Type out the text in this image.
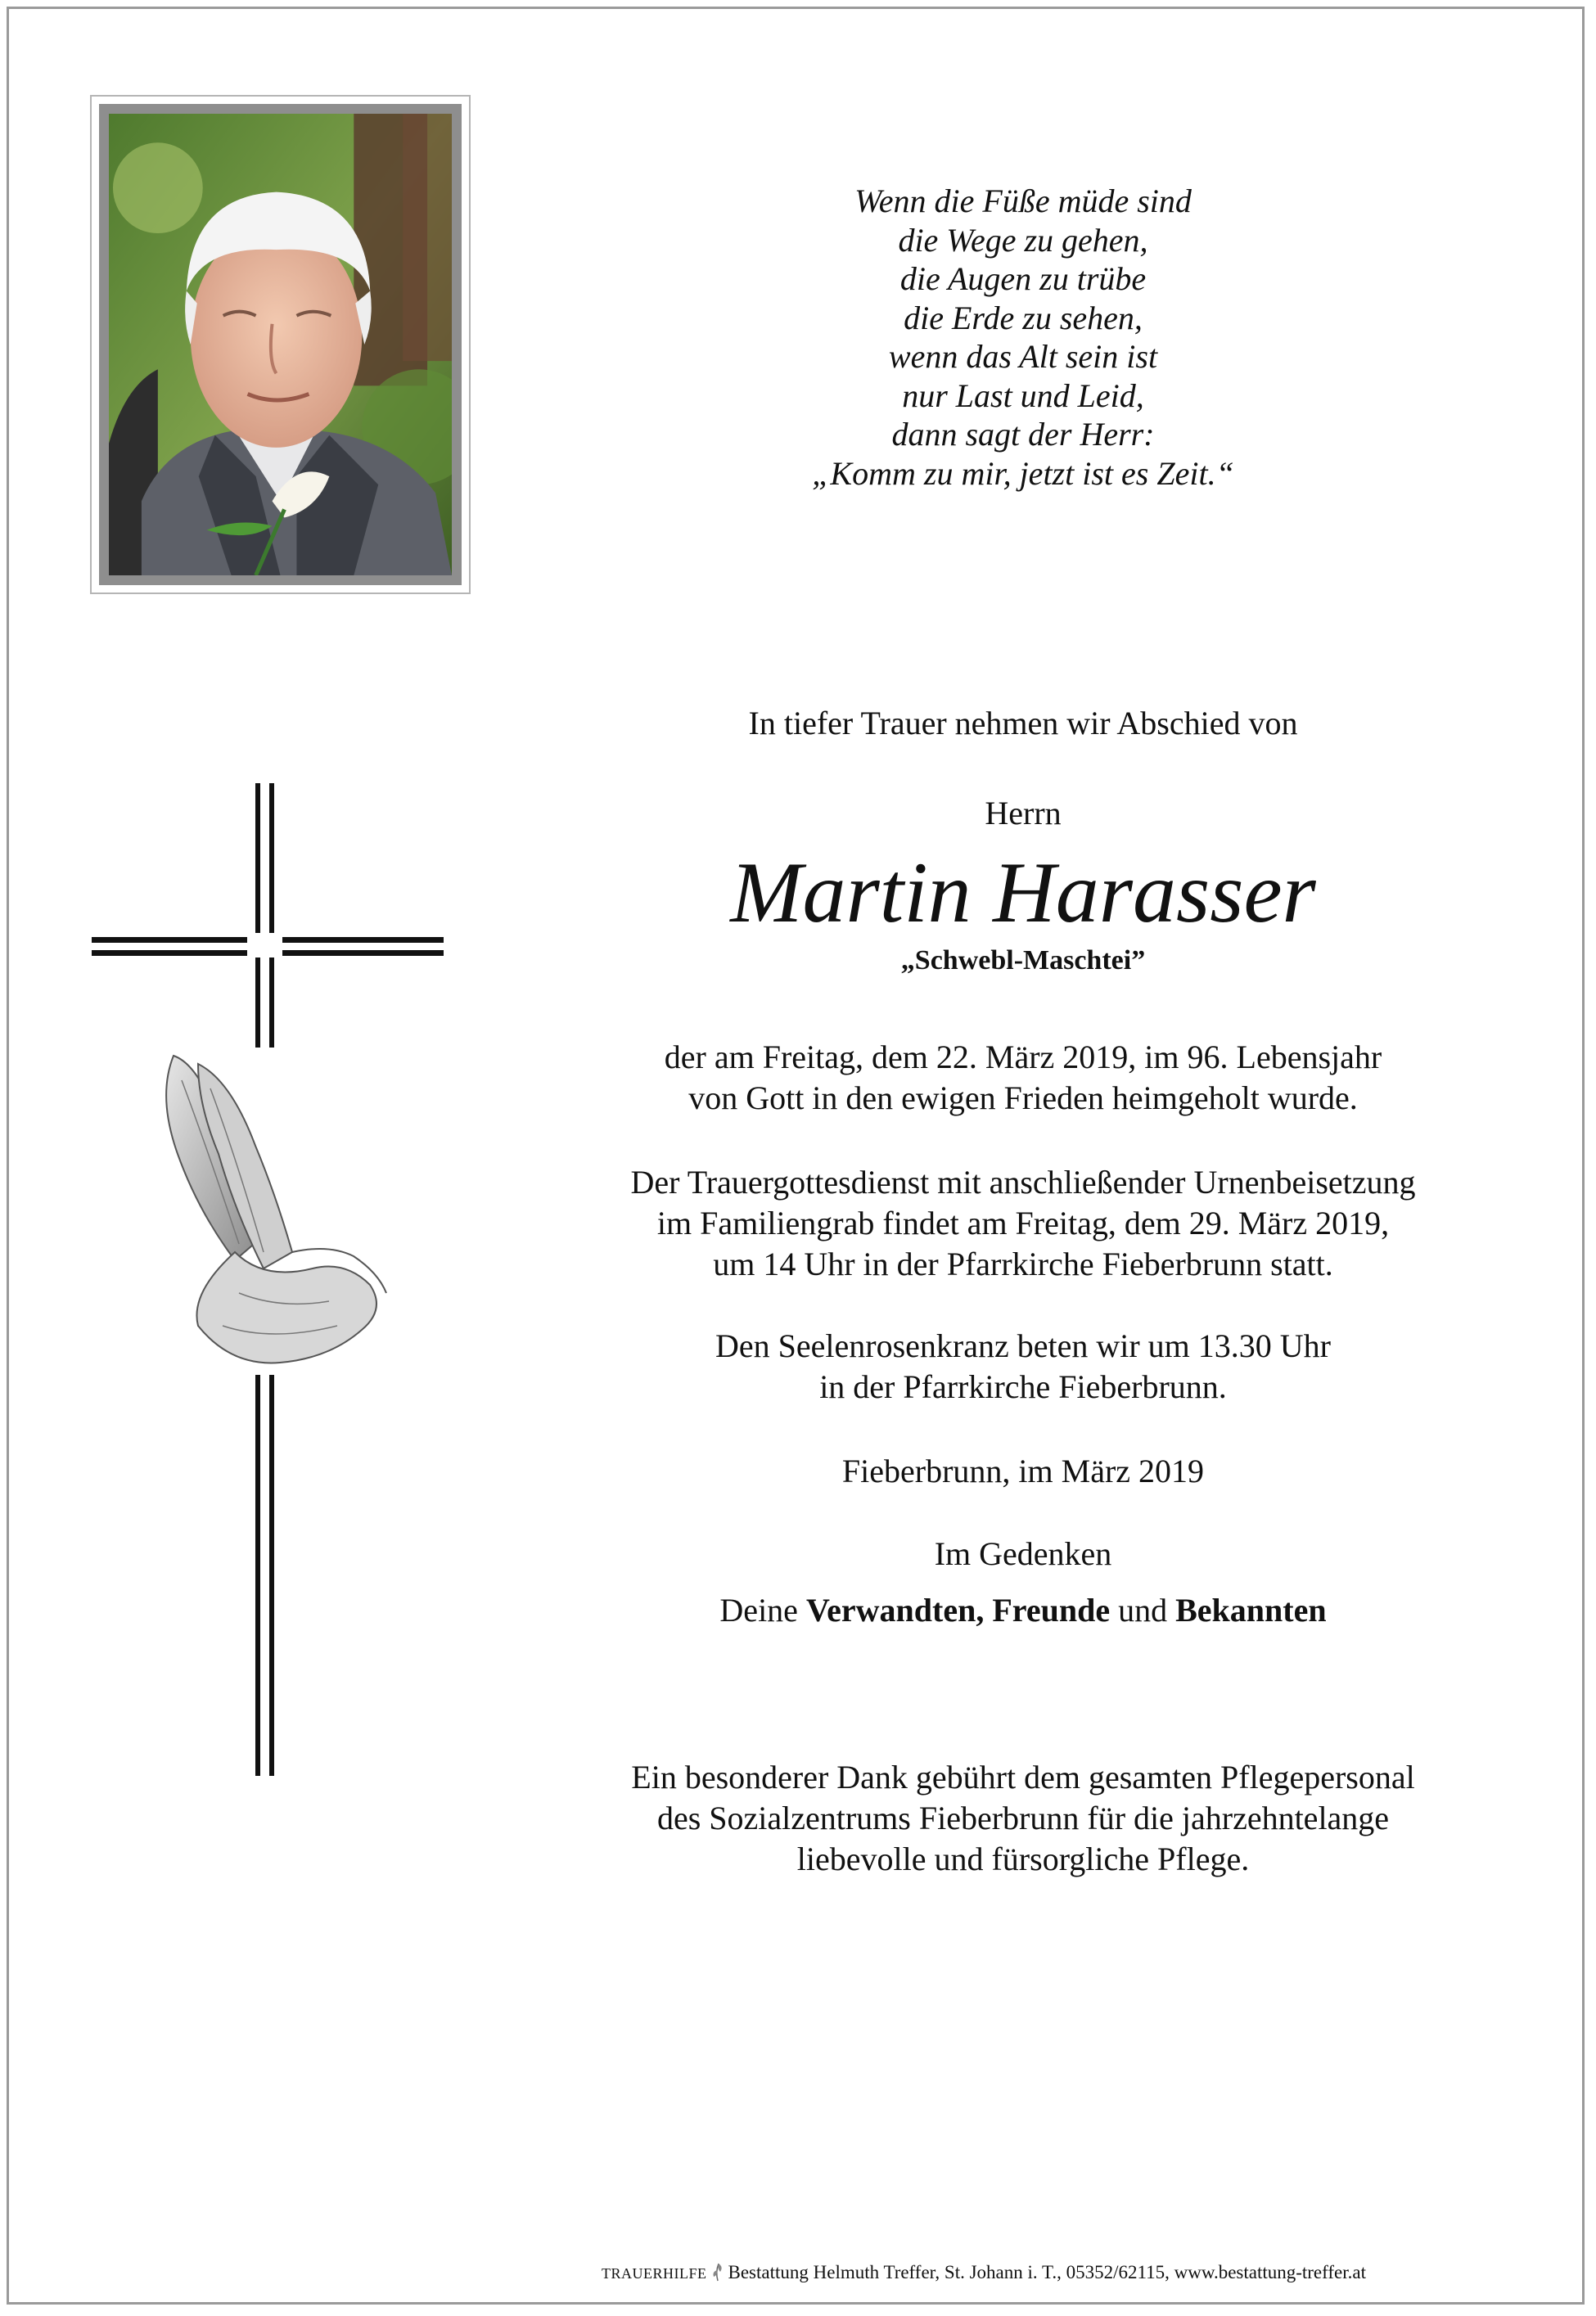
Wenn die Füße müde sind
die Wege zu gehen,
die Augen zu trübe
die Erde zu sehen,
wenn das Alt sein ist
nur Last und Leid,
dann sagt der Herr:
„Komm zu mir, jetzt ist es Zeit.“
In tiefer Trauer nehmen wir Abschied von
Herrn
Martin Harasser
„Schwebl-Maschtei”
der am Freitag, dem 22. März 2019, im 96. Lebensjahr
von Gott in den ewigen Frieden heimgeholt wurde.
Der Trauergottesdienst mit anschließender Urnenbeisetzung
im Familiengrab findet am Freitag, dem 29. März 2019,
um 14 Uhr in der Pfarrkirche Fieberbrunn statt.
Den Seelenrosenkranz beten wir um 13.30 Uhr
in der Pfarrkirche Fieberbrunn.
Fieberbrunn, im März 2019
Im Gedenken
Deine Verwandten, Freunde und Bekannten
Ein besonderer Dank gebührt dem gesamten Pflegepersonal
des Sozialzentrums Fieberbrunn für die jahrzehntelange
liebevolle und fürsorgliche Pflege.
TRAUERHILFE Bestattung Helmuth Treffer, St. Johann i. T., 05352/62115, www.bestattung-treffer.at
